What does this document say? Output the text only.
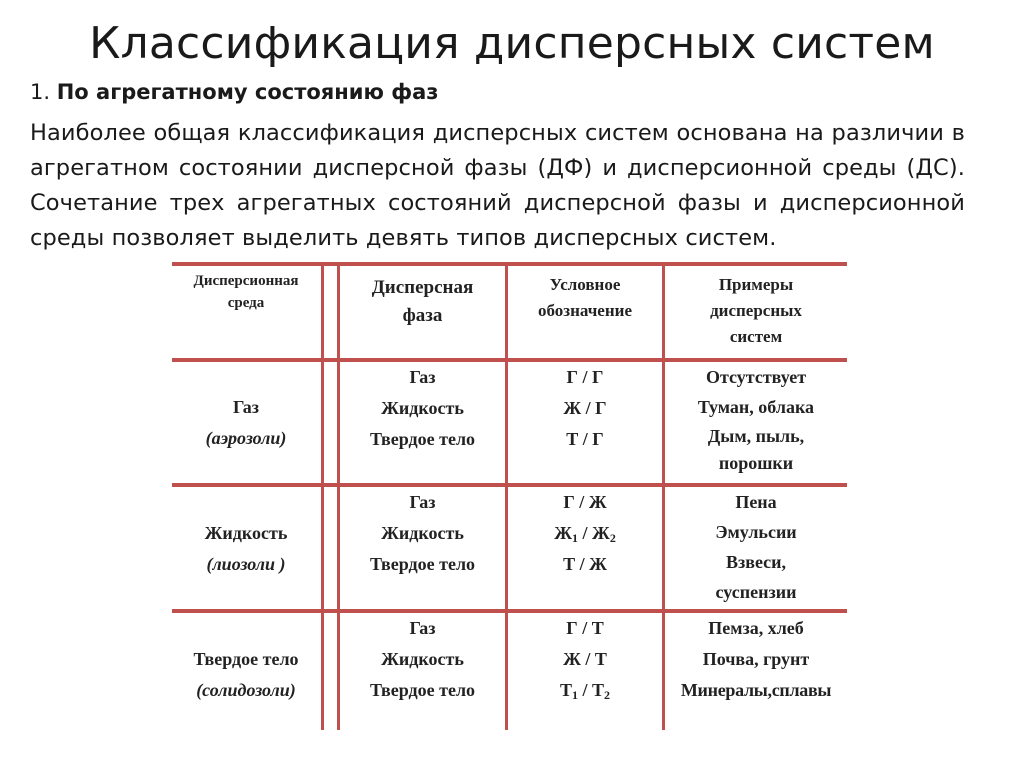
Классификация дисперсных систем
1. По агрегатному состоянию фаз
Наиболее общая классификация дисперсных систем основана на различии в агрегатном состоянии дисперсной фазы (ДФ) и дисперсионной среды (ДС). Сочетание трех агрегатных состояний дисперсной фазы и дисперсионной среды позволяет выделить девять типов дисперсных систем.
Дисперсионная
среда
Дисперсная
фаза
Условное
обозначение
Примеры
дисперсных
систем
Газ
(аэрозоли)
Газ
Жидкость
Твердое тело
Г / Г
Ж / Г
Т / Г
Отсутствует
Туман, облака
Дым, пыль,
порошки
Жидкость
(лиозоли )
Газ
Жидкость
Твердое тело
Г / Ж
$Ж_1 / Ж_2$
Т / Ж
Пена
Эмульсии
Взвеси,
суспензии
Твердое тело
(солидозоли)
Газ
Жидкость
Твердое тело
Г / Т
Ж / Т
$Т_1 / Т_2$
Пемза, хлеб
Почва, грунт
Минералы,сплавы
